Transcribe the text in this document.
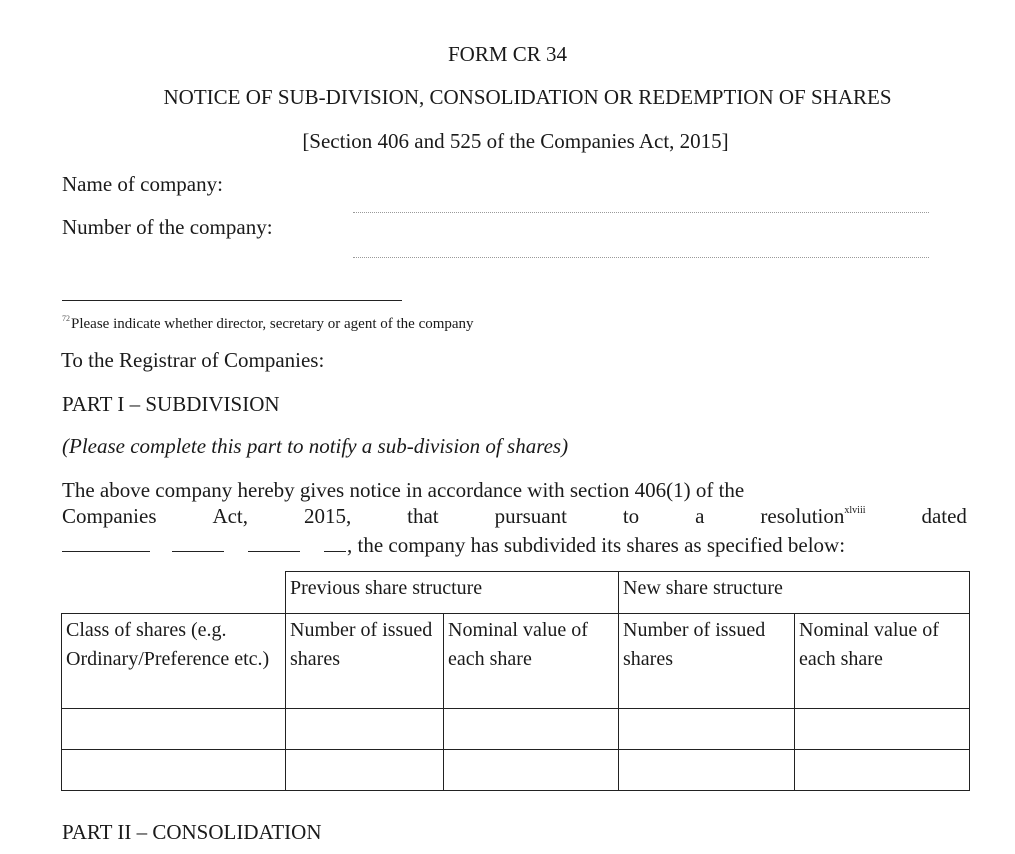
FORM CR 34
NOTICE OF SUB-DIVISION, CONSOLIDATION OR REDEMPTION OF SHARES
[Section 406 and 525 of the Companies Act, 2015]
Name of company:
Number of the company:
$^{72}$Please indicate whether director, secretary or agent of the company
To the Registrar of Companies:
PART I – SUBDIVISION
(Please complete this part to notify a sub-division of shares)
The above company hereby gives notice in accordance with section 406(1) of the
Companies	Act,	2015,	that	pursuant	to	a	resolution$^{xlviii}$	dated
, the company has subdivided its shares as specified below:
	Previous share structure		New share structure	
Class of shares (e.g. Ordinary/Preference etc.)	Number of issued shares	Nominal value of each share	Number of issued shares	Nominal value of each share

PART II – CONSOLIDATION
